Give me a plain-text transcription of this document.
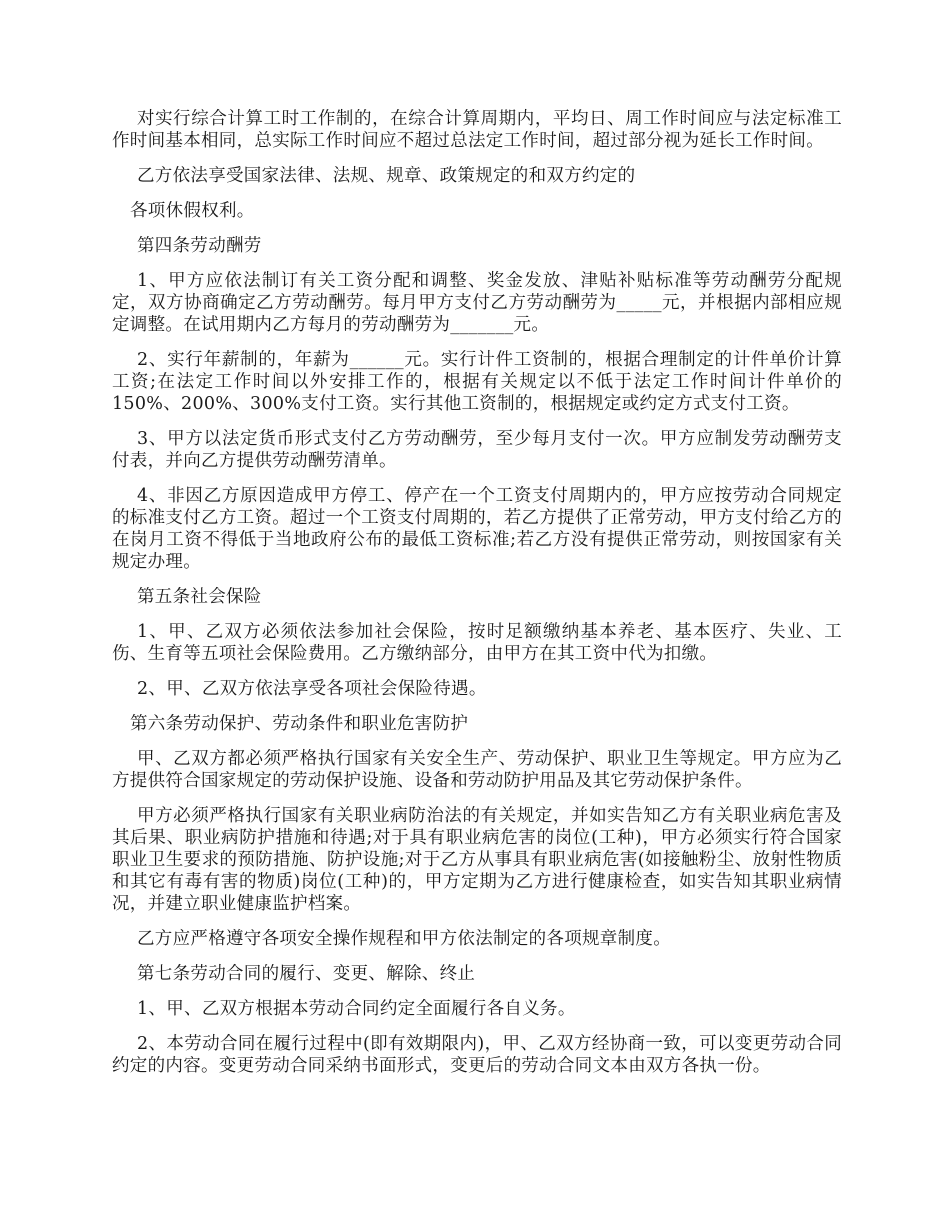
对实行综合计算工时工作制的，在综合计算周期内，平均日、周工作时间应与法定标准工作时间基本相同，总实际工作时间应不超过总法定工作时间，超过部分视为延长工作时间。

乙方依法享受国家法律、法规、规章、政策规定的和双方约定的

各项休假权利。

第四条劳动酬劳

1、甲方应依法制订有关工资分配和调整、奖金发放、津贴补贴标准等劳动酬劳分配规定，双方协商确定乙方劳动酬劳。每月甲方支付乙方劳动酬劳为_____元，并根据内部相应规定调整。在试用期内乙方每月的劳动酬劳为_______元。

2、实行年薪制的，年薪为______元。实行计件工资制的，根据合理制定的计件单价计算工资;在法定工作时间以外安排工作的，根据有关规定以不低于法定工作时间计件单价的 150%、200%、300%支付工资。实行其他工资制的，根据规定或约定方式支付工资。

3、甲方以法定货币形式支付乙方劳动酬劳，至少每月支付一次。甲方应制发劳动酬劳支付表，并向乙方提供劳动酬劳清单。

4、非因乙方原因造成甲方停工、停产在一个工资支付周期内的，甲方应按劳动合同规定的标准支付乙方工资。超过一个工资支付周期的，若乙方提供了正常劳动，甲方支付给乙方的在岗月工资不得低于当地政府公布的最低工资标准;若乙方没有提供正常劳动，则按国家有关规定办理。

第五条社会保险

1、甲、乙双方必须依法参加社会保险，按时足额缴纳基本养老、基本医疗、失业、工伤、生育等五项社会保险费用。乙方缴纳部分，由甲方在其工资中代为扣缴。

2、甲、乙双方依法享受各项社会保险待遇。

第六条劳动保护、劳动条件和职业危害防护

甲、乙双方都必须严格执行国家有关安全生产、劳动保护、职业卫生等规定。甲方应为乙方提供符合国家规定的劳动保护设施、设备和劳动防护用品及其它劳动保护条件。

甲方必须严格执行国家有关职业病防治法的有关规定，并如实告知乙方有关职业病危害及其后果、职业病防护措施和待遇;对于具有职业病危害的岗位(工种)，甲方必须实行符合国家职业卫生要求的预防措施、防护设施;对于乙方从事具有职业病危害(如接触粉尘、放射性物质和其它有毒有害的物质)岗位(工种)的，甲方定期为乙方进行健康检查，如实告知其职业病情况，并建立职业健康监护档案。

乙方应严格遵守各项安全操作规程和甲方依法制定的各项规章制度。

第七条劳动合同的履行、变更、解除、终止

1、甲、乙双方根据本劳动合同约定全面履行各自义务。

2、本劳动合同在履行过程中(即有效期限内)，甲、乙双方经协商一致，可以变更劳动合同约定的内容。变更劳动合同采纳书面形式，变更后的劳动合同文本由双方各执一份。
